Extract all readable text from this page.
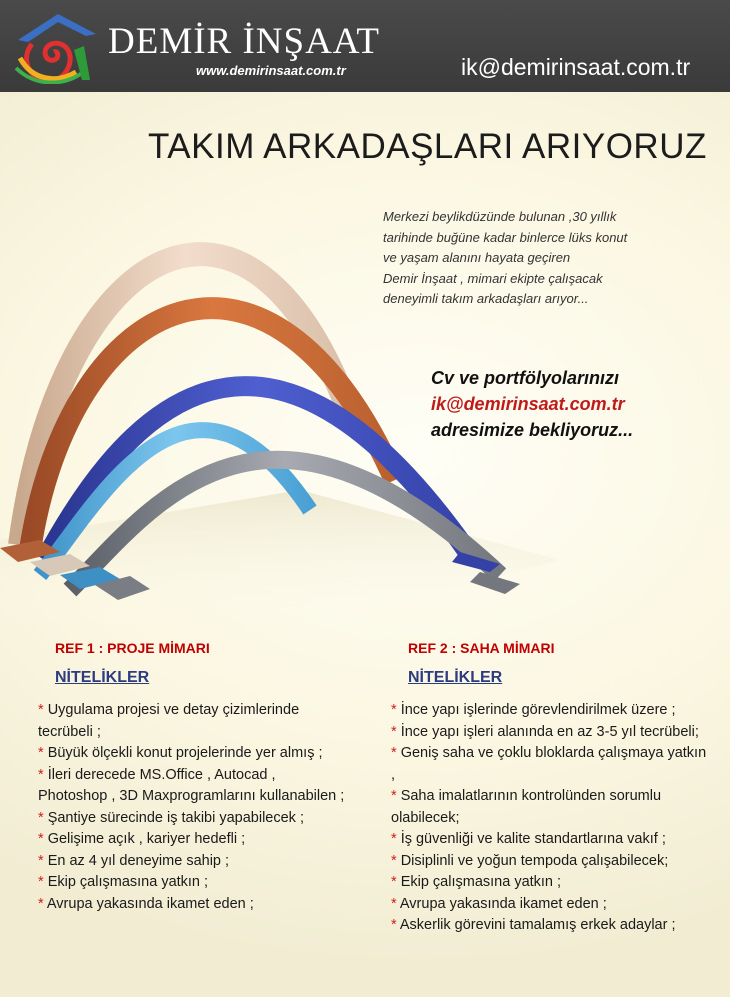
DEMİR İNŞAAT
www.demirinsaat.com.tr	ik@demirinsaat.com.tr
TAKIM ARKADAŞLARI ARIYORUZ
Merkezi beylikdüzünde bulunan ,30 yıllık
tarihinde buğüne kadar binlerce lüks konut
ve yaşam alanını hayata geçiren
Demir İnşaat , mimari ekipte çalışacak
deneyimli takım arkadaşları arıyor...
Cv ve portfölyolarınızı
ik@demirinsaat.com.tr
adresimize bekliyoruz...
REF 1 : PROJE MİMARI
NİTELİKLER
* Uygulama projesi ve detay çizimlerinde tecrübeli ;
* Büyük ölçekli konut projelerinde yer almış ;
* İleri derecede MS.Office , Autocad , Photoshop , 3D Maxprogramlarını kullanabilen ;
* Şantiye sürecinde iş takibi yapabilecek ;
* Gelişime açık , kariyer hedefli ;
* En az 4 yıl deneyime sahip ;
* Ekip çalışmasına yatkın ;
* Avrupa yakasında ikamet eden ;
REF 2 : SAHA MİMARI
NİTELİKLER
* İnce yapı işlerinde görevlendirilmek üzere ;
* İnce yapı işleri alanında en az 3-5 yıl tecrübeli;
* Geniş saha ve çoklu bloklarda çalışmaya yatkın ,
* Saha imalatlarının kontrolünden sorumlu olabilecek;
* İş güvenliği ve kalite standartlarına vakıf ;
* Disiplinli ve yoğun tempoda çalışabilecek;
* Ekip çalışmasına yatkın ;
* Avrupa yakasında ikamet eden ;
* Askerlik görevini tamalamış erkek adaylar ;
